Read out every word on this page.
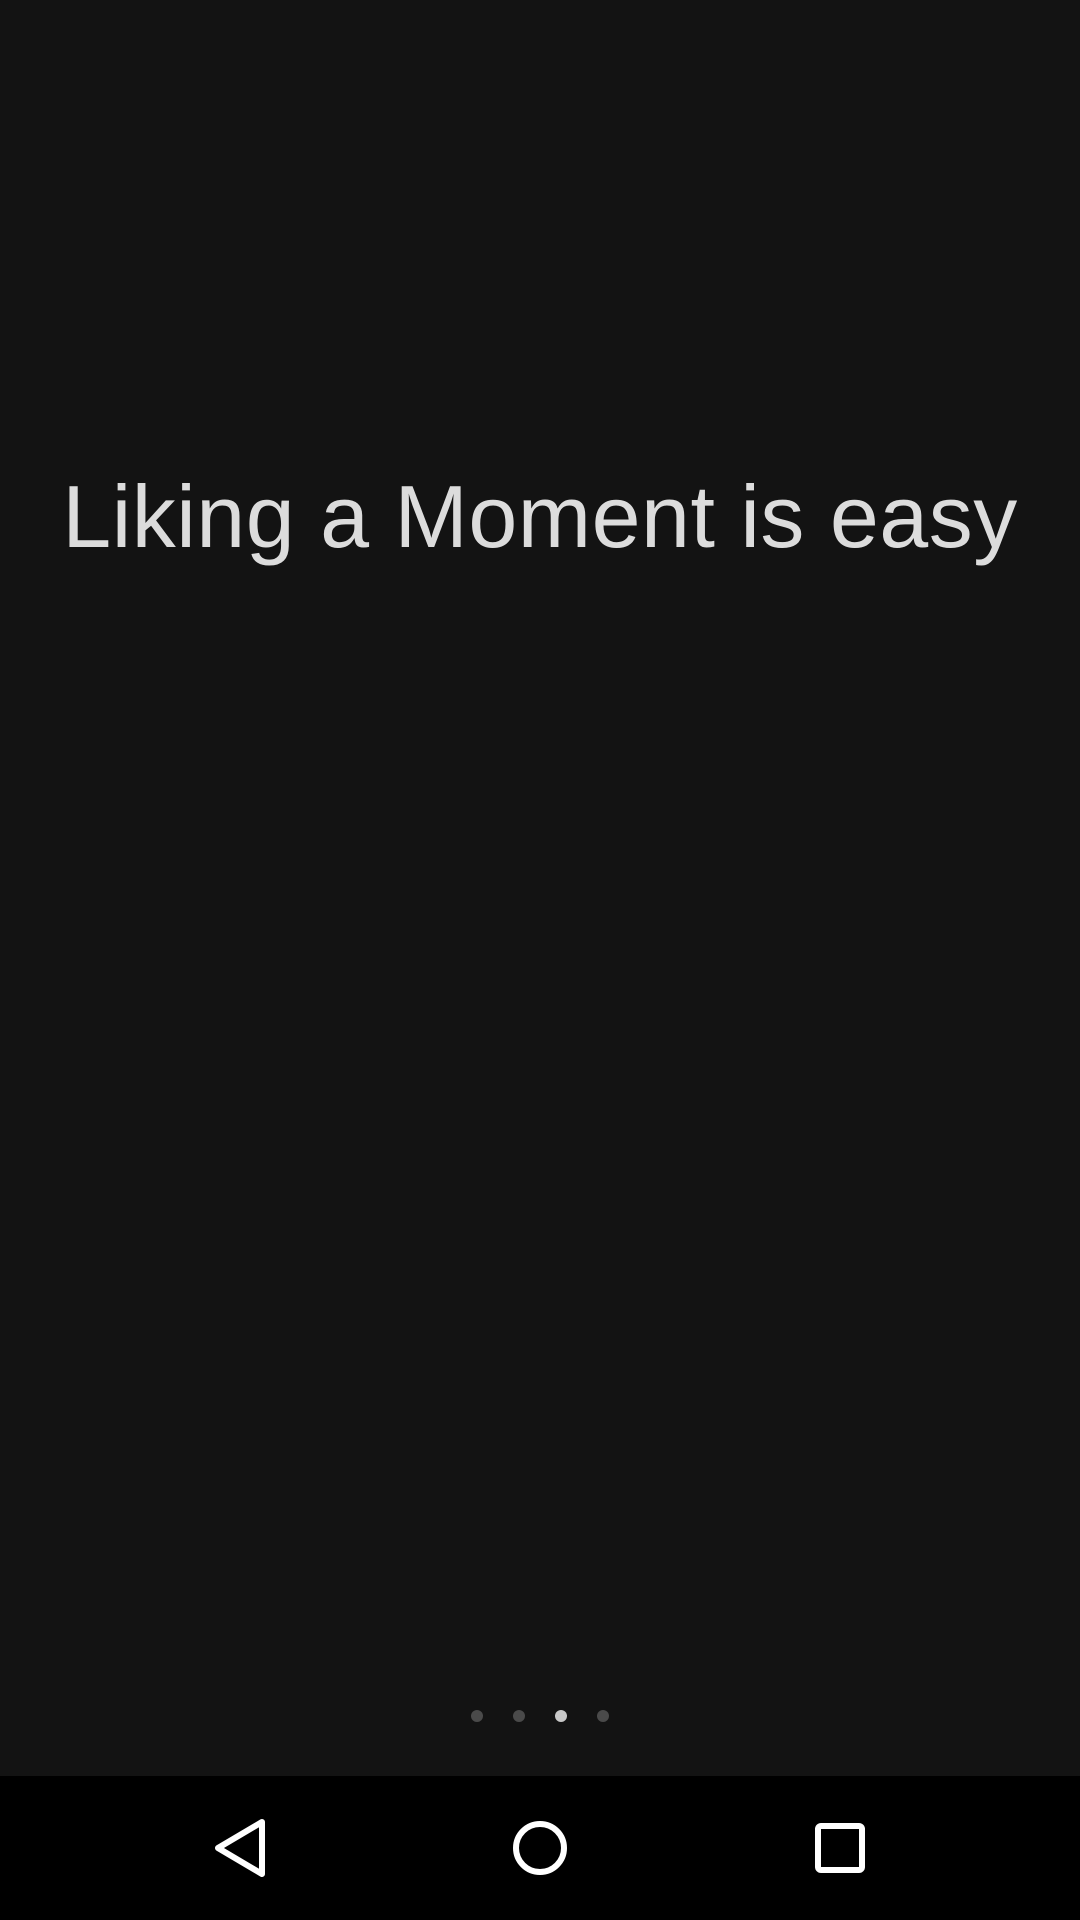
Liking a Moment is easy
